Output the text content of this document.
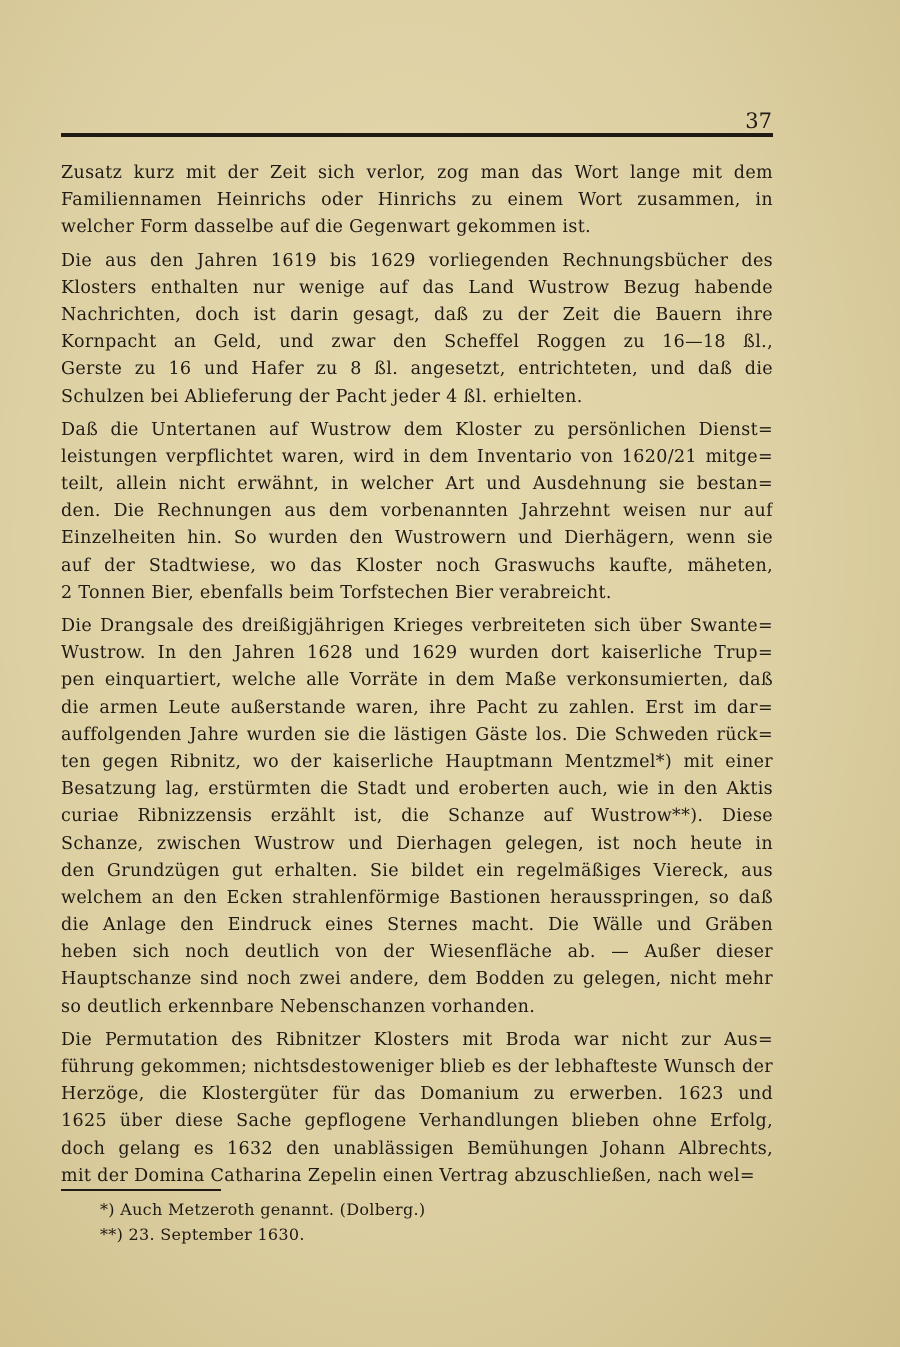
37
Zusatz kurz mit der Zeit sich verlor, zog man das Wort lange mit dem
Familiennamen Heinrichs oder Hinrichs zu einem Wort zusammen, in
welcher Form dasselbe auf die Gegenwart gekommen ist.
Die aus den Jahren 1619 bis 1629 vorliegenden Rechnungsbücher des
Klosters enthalten nur wenige auf das Land Wustrow Bezug habende
Nachrichten, doch ist darin gesagt, daß zu der Zeit die Bauern ihre
Kornpacht an Geld, und zwar den Scheffel Roggen zu 16—18 ßl.,
Gerste zu 16 und Hafer zu 8 ßl. angesetzt, entrichteten, und daß die
Schulzen bei Ablieferung der Pacht jeder 4 ßl. erhielten.
Daß die Untertanen auf Wustrow dem Kloster zu persönlichen Dienst=
leistungen verpflichtet waren, wird in dem Inventario von 1620/21 mitge=
teilt, allein nicht erwähnt, in welcher Art und Ausdehnung sie bestan=
den. Die Rechnungen aus dem vorbenannten Jahrzehnt weisen nur auf
Einzelheiten hin. So wurden den Wustrowern und Dierhägern, wenn sie
auf der Stadtwiese, wo das Kloster noch Graswuchs kaufte, mäheten,
2 Tonnen Bier, ebenfalls beim Torfstechen Bier verabreicht.
Die Drangsale des dreißigjährigen Krieges verbreiteten sich über Swante=
Wustrow. In den Jahren 1628 und 1629 wurden dort kaiserliche Trup=
pen einquartiert, welche alle Vorräte in dem Maße verkonsumierten, daß
die armen Leute außerstande waren, ihre Pacht zu zahlen. Erst im dar=
auffolgenden Jahre wurden sie die lästigen Gäste los. Die Schweden rück=
ten gegen Ribnitz, wo der kaiserliche Hauptmann Mentzmel*) mit einer
Besatzung lag, erstürmten die Stadt und eroberten auch, wie in den Aktis
curiae Ribnizzensis erzählt ist, die Schanze auf Wustrow**). Diese
Schanze, zwischen Wustrow und Dierhagen gelegen, ist noch heute in
den Grundzügen gut erhalten. Sie bildet ein regelmäßiges Viereck, aus
welchem an den Ecken strahlenförmige Bastionen herausspringen, so daß
die Anlage den Eindruck eines Sternes macht. Die Wälle und Gräben
heben sich noch deutlich von der Wiesenfläche ab. — Außer dieser
Hauptschanze sind noch zwei andere, dem Bodden zu gelegen, nicht mehr
so deutlich erkennbare Nebenschanzen vorhanden.
Die Permutation des Ribnitzer Klosters mit Broda war nicht zur Aus=
führung gekommen; nichtsdestoweniger blieb es der lebhafteste Wunsch der
Herzöge, die Klostergüter für das Domanium zu erwerben. 1623 und
1625 über diese Sache gepflogene Verhandlungen blieben ohne Erfolg,
doch gelang es 1632 den unablässigen Bemühungen Johann Albrechts,
mit der Domina Catharina Zepelin einen Vertrag abzuschließen, nach wel=
*) Auch Metzeroth genannt. (Dolberg.)
**) 23. September 1630.
